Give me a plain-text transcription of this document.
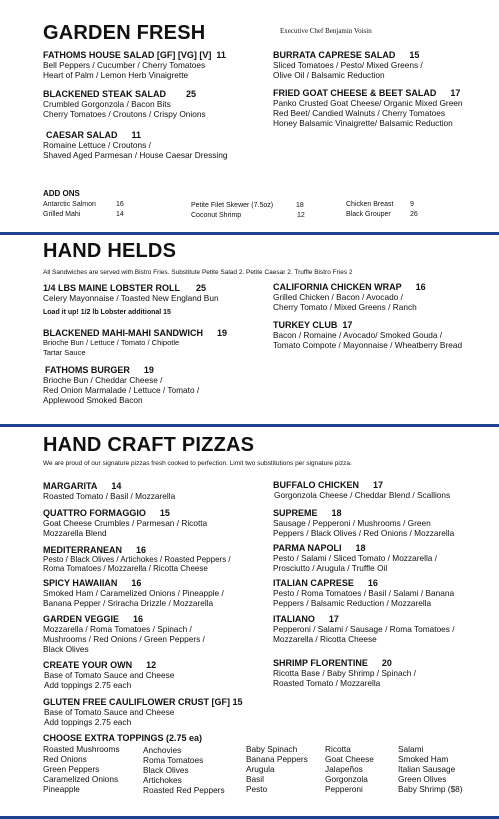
GARDEN FRESH	Executive Chef Benjamin Voisin
FATHOMS HOUSE SALAD [GF] [VG] [V] 11
Bell Peppers / Cucumber / Cherry Tomatoes
Heart of Palm / Lemon Herb Vinaigrette
BLACKENED STEAK SALAD 25
Crumbled Gorgonzola / Bacon Bits
Cherry Tomatoes / Croutons / Crispy Onions
CAESAR SALAD 11
Romaine Lettuce / Croutons /
Shaved Aged Parmesan / House Caesar Dressing
BURRATA CAPRESE SALAD 15
Sliced Tomatoes / Pesto/ Mixed Greens /
Olive Oil / Balsamic Reduction
FRIED GOAT CHEESE & BEET SALAD 17
Panko Crusted Goat Cheese/ Organic Mixed Green
Red Beet/ Candied Walnuts / Cherry Tomatoes
Honey Balsamic Vinaigrette/ Balsamic Reduction
ADD ONS
Antarctic Salmon	16
Grilled Mahi	14
Petite Filet Skewer (7.5oz)	18
Coconut Shrimp	12
Chicken Breast 9
Black Grouper	26
HAND HELDS
All Sandwiches are served with Bistro Fries. Substitute Petite Salad 2. Petite Caesar 2. Truffle Bistro Fries 2
1/4 LBS MAINE LOBSTER ROLL 25
Celery Mayonnaise / Toasted New England Bun
Load it up! 1/2 lb Lobster additional 15
BLACKENED MAHI-MAHI SANDWICH 19
Brioche Bun / Lettuce / Tomato / Chipotle
Tartar Sauce
FATHOMS BURGER 19
Brioche Bun / Cheddar Cheese /
Red Onion Marmalade / Lettuce / Tomato /
Applewood Smoked Bacon
CALIFORNIA CHICKEN WRAP 16
Grilled Chicken / Bacon / Avocado /
Cherry Tomato / Mixed Greens / Ranch
TURKEY CLUB 17
Bacon / Romaine / Avocado/ Smoked Gouda /
Tomato Compote / Mayonnaise / Wheatberry Bread
HAND CRAFT PIZZAS
We are proud of our signature pizzas fresh cooked to perfection. Limit two substitutions per signature pizza.
MARGARITA 14
Roasted Tomato / Basil / Mozzarella
QUATTRO FORMAGGIO 15
Goat Cheese Crumbles / Parmesan / Ricotta
Mozzarella Blend
MEDITERRANEAN 16
Pesto / Black Olives / Artichokes / Roasted Peppers /
Roma Tomatoes / Mozzarella / Ricotta Cheese
SPICY HAWAIIAN 16
Smoked Ham / Caramelized Onions / Pineapple /
Banana Pepper / Sriracha Drizzle / Mozzarella
GARDEN VEGGIE 16
Mozzarella / Roma Tomatoes / Spinach /
Mushrooms / Red Onions / Green Peppers /
Black Olives
CREATE YOUR OWN 12
Base of Tomato Sauce and Cheese
Add toppings 2.75 each
GLUTEN FREE CAULIFLOWER CRUST [GF] 15
Base of Tomato Sauce and Cheese
Add toppings 2.75 each
BUFFALO CHICKEN 17
Gorgonzola Cheese / Cheddar Blend / Scallions
SUPREME 18
Sausage / Pepperoni / Mushrooms / Green
Peppers / Black Olives / Red Onions / Mozzarella
PARMA NAPOLI 18
Pesto / Salami / Sliced Tomato / Mozzarella /
Prosciutto / Arugula / Truffle Oil
ITALIAN CAPRESE 16
Pesto / Roma Tomatoes / Basil / Salami / Banana
Peppers / Balsamic Reduction / Mozzarella
ITALIANO 17
Pepperoni / Salami / Sausage / Roma Tomatoes /
Mozzarella / Ricotta Cheese
SHRIMP FLORENTINE 20
Ricotta Base / Baby Shrimp / Spinach /
Roasted Tomato / Mozzarella
CHOOSE EXTRA TOPPINGS (2.75 ea)
Roasted Mushrooms
Red Onions
Green Peppers
Caramelized Onions
Pineapple
Anchovies
Roma Tomatoes
Black Olives
Artichokes
Roasted Red Peppers
Baby Spinach
Banana Peppers
Arugula
Basil
Pesto
Ricotta
Goat Cheese
Jalapeños
Gorgonzola
Pepperoni
Salami
Smoked Ham
Italian Sausage
Green Olives
Baby Shrimp ($8)
